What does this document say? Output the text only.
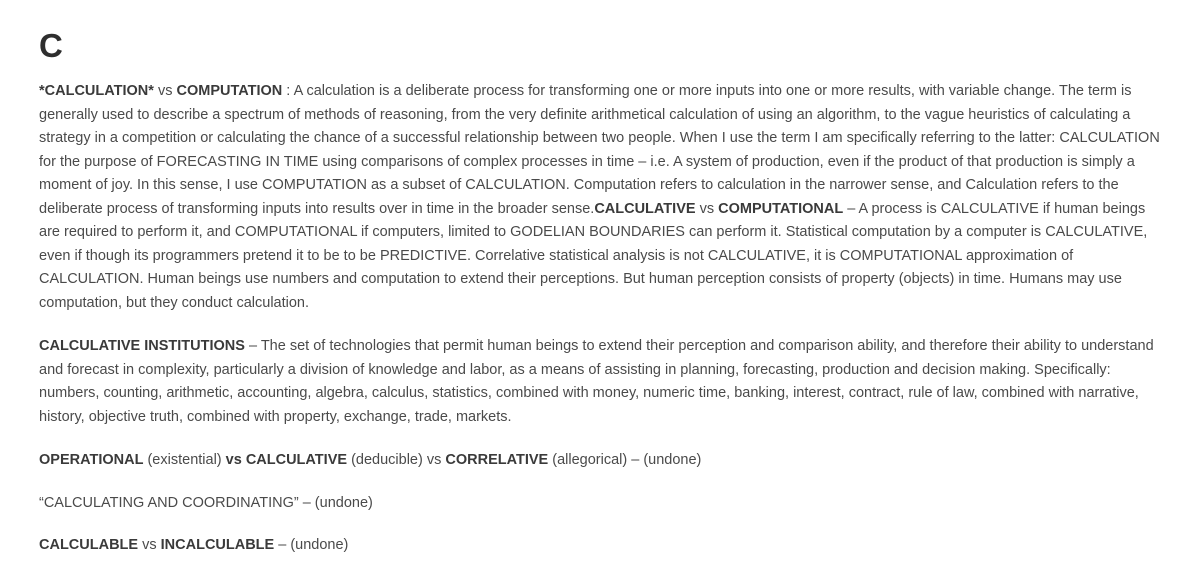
C

*CALCULATION* vs COMPUTATION : A calculation is a deliberate process for transforming one or more inputs into one or more results, with variable change. The term is generally used to describe a spectrum of methods of reasoning, from the very definite arithmetical calculation of using an algorithm, to the vague heuristics of calculating a strategy in a competition or calculating the chance of a successful relationship between two people. When I use the term I am specifically referring to the latter: CALCULATION for the purpose of FORECASTING IN TIME using comparisons of complex processes in time – i.e. A system of production, even if the product of that production is simply a moment of joy. In this sense, I use COMPUTATION as a subset of CALCULATION. Computation refers to calculation in the narrower sense, and Calculation refers to the deliberate process of transforming inputs into results over in time in the broader sense.CALCULATIVE vs COMPUTATIONAL – A process is CALCULATIVE if human beings are required to perform it, and COMPUTATIONAL if computers, limited to GODELIAN BOUNDARIES can perform it. Statistical computation by a computer is CALCULATIVE, even if though its programmers pretend it to be to be PREDICTIVE. Correlative statistical analysis is not CALCULATIVE, it is COMPUTATIONAL approximation of CALCULATION. Human beings use numbers and computation to extend their perceptions. But human perception consists of property (objects) in time. Humans may use computation, but they conduct calculation.

CALCULATIVE INSTITUTIONS – The set of technologies that permit human beings to extend their perception and comparison ability, and therefore their ability to understand and forecast in complexity, particularly a division of knowledge and labor, as a means of assisting in planning, forecasting, production and decision making. Specifically: numbers, counting, arithmetic, accounting, algebra, calculus, statistics, combined with money, numeric time, banking, interest, contract, rule of law, combined with narrative, history, objective truth, combined with property, exchange, trade, markets.

OPERATIONAL (existential) vs CALCULATIVE (deducible) vs CORRELATIVE (allegorical) – (undone)

“CALCULATING AND COORDINATING” – (undone)

CALCULABLE vs INCALCULABLE – (undone)
